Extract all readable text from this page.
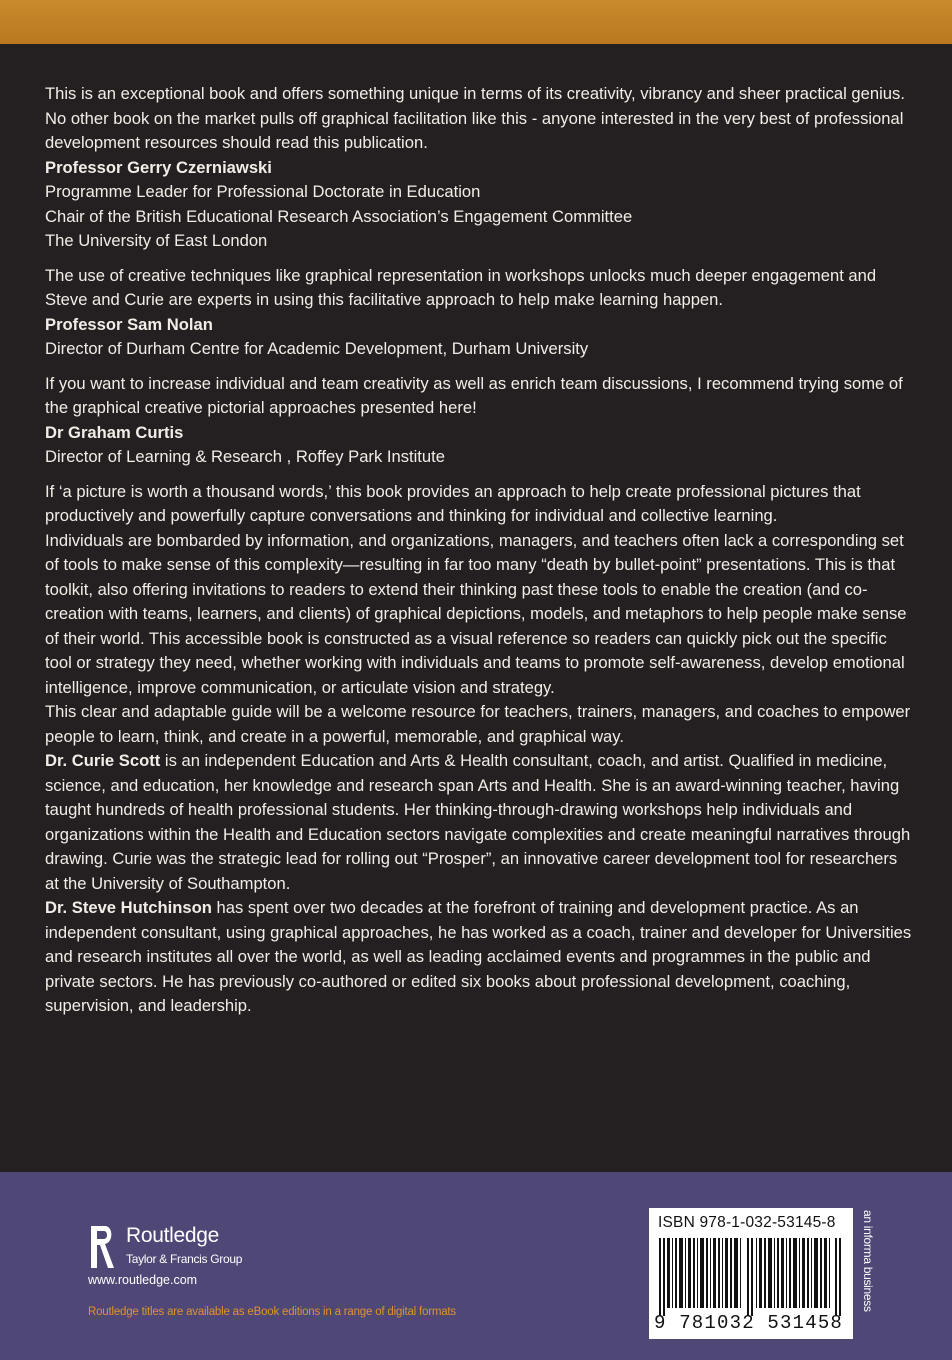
This is an exceptional book and offers something unique in terms of its creativity, vibrancy and sheer practical genius. No other book on the market pulls off graphical facilitation like this - anyone interested in the very best of professional development resources should read this publication.

Professor Gerry Czerniawski

Programme Leader for Professional Doctorate in Education

Chair of the British Educational Research Association’s Engagement Committee

The University of East London

The use of creative techniques like graphical representation in workshops unlocks much deeper engagement and Steve and Curie are experts in using this facilitative approach to help make learning happen.

Professor Sam Nolan

Director of Durham Centre for Academic Development, Durham University

If you want to increase individual and team creativity as well as enrich team discussions, I recommend trying some of the graphical creative pictorial approaches presented here!

Dr Graham Curtis

Director of Learning & Research , Roffey Park Institute

If ‘a picture is worth a thousand words,’ this book provides an approach to help create professional pictures that productively and powerfully capture conversations and thinking for individual and collective learning.

Individuals are bombarded by information, and organizations, managers, and teachers often lack a corresponding set of tools to make sense of this complexity—resulting in far too many “death by bullet-point” presentations. This is that toolkit, also offering invitations to readers to extend their thinking past these tools to enable the creation (and co-creation with teams, learners, and clients) of graphical depictions, models, and metaphors to help people make sense of their world. This accessible book is constructed as a visual reference so readers can quickly pick out the specific tool or strategy they need, whether working with individuals and teams to promote self-awareness, develop emotional intelligence, improve communication, or articulate vision and strategy.

This clear and adaptable guide will be a welcome resource for teachers, trainers, managers, and coaches to empower people to learn, think, and create in a powerful, memorable, and graphical way.

Dr. Curie Scott is an independent Education and Arts & Health consultant, coach, and artist. Qualified in medicine, science, and education, her knowledge and research span Arts and Health. She is an award-winning teacher, having taught hundreds of health professional students. Her thinking-through-drawing workshops help individuals and organizations within the Health and Education sectors navigate complexities and create meaningful narratives through drawing. Curie was the strategic lead for rolling out “Prosper”, an innovative career development tool for researchers at the University of Southampton.

Dr. Steve Hutchinson has spent over two decades at the forefront of training and development practice. As an independent consultant, using graphical approaches, he has worked as a coach, trainer and developer for Universities and research institutes all over the world, as well as leading acclaimed events and programmes in the public and private sectors. He has previously co-authored or edited six books about professional development, coaching, supervision, and leadership.

Routledge
Taylor & Francis Group
www.routledge.com
Routledge titles are available as eBook editions in a range of digital formats
ISBN 978-1-032-53145-8
9 781032 531458
an informa business
